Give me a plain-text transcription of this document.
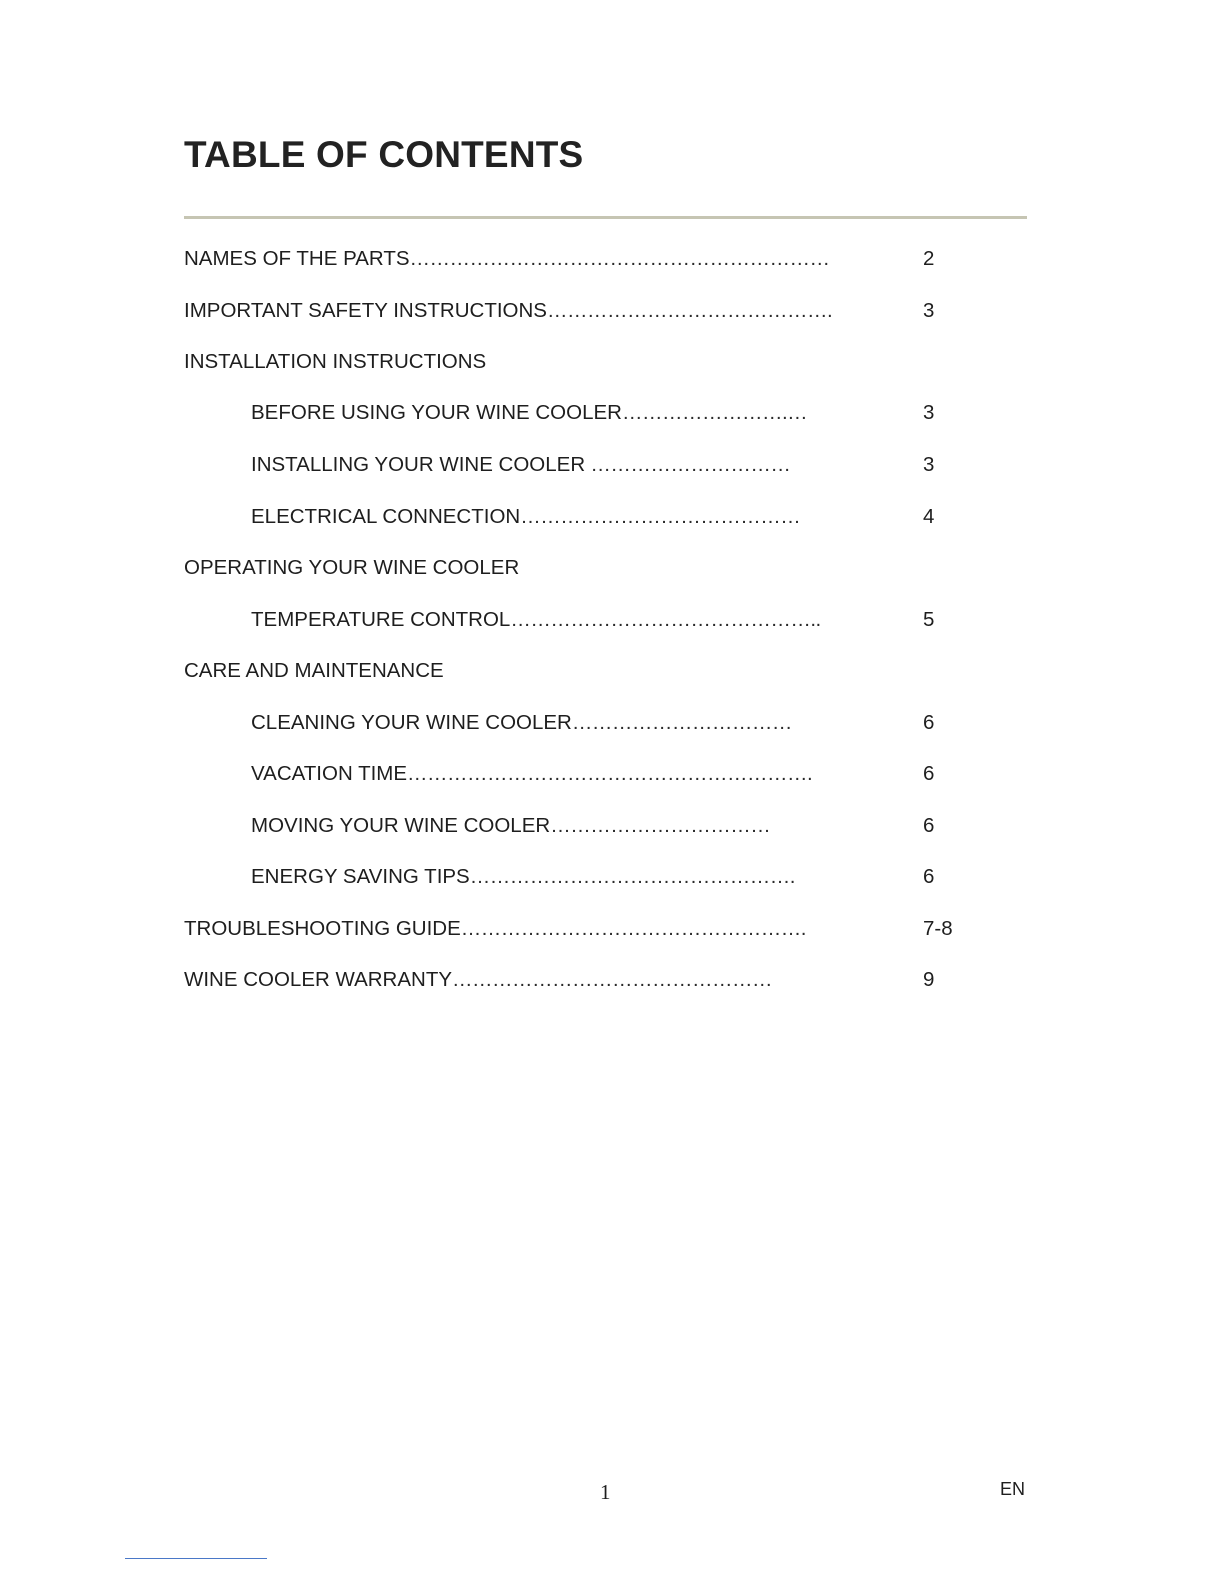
TABLE OF CONTENTS
NAMES OF THE PARTS………………………………………………………	2
IMPORTANT SAFETY INSTRUCTIONS…………………………………….	3
INSTALLATION INSTRUCTIONS
BEFORE USING YOUR WINE COOLER…………………….…	3
INSTALLING YOUR WINE COOLER …………………………	3
ELECTRICAL CONNECTION……………………………………	4
OPERATING YOUR WINE COOLER
TEMPERATURE CONTROL………………………………………..	5
CARE AND MAINTENANCE
CLEANING YOUR WINE COOLER……………………………	6
VACATION TIME…………………………………………………….	6
MOVING YOUR WINE COOLER……………………………	6
ENERGY SAVING TIPS………………………………………….	6
TROUBLESHOOTING GUIDE…………………………………………….	7-8
WINE COOLER WARRANTY…………………………………………	9
1	EN
